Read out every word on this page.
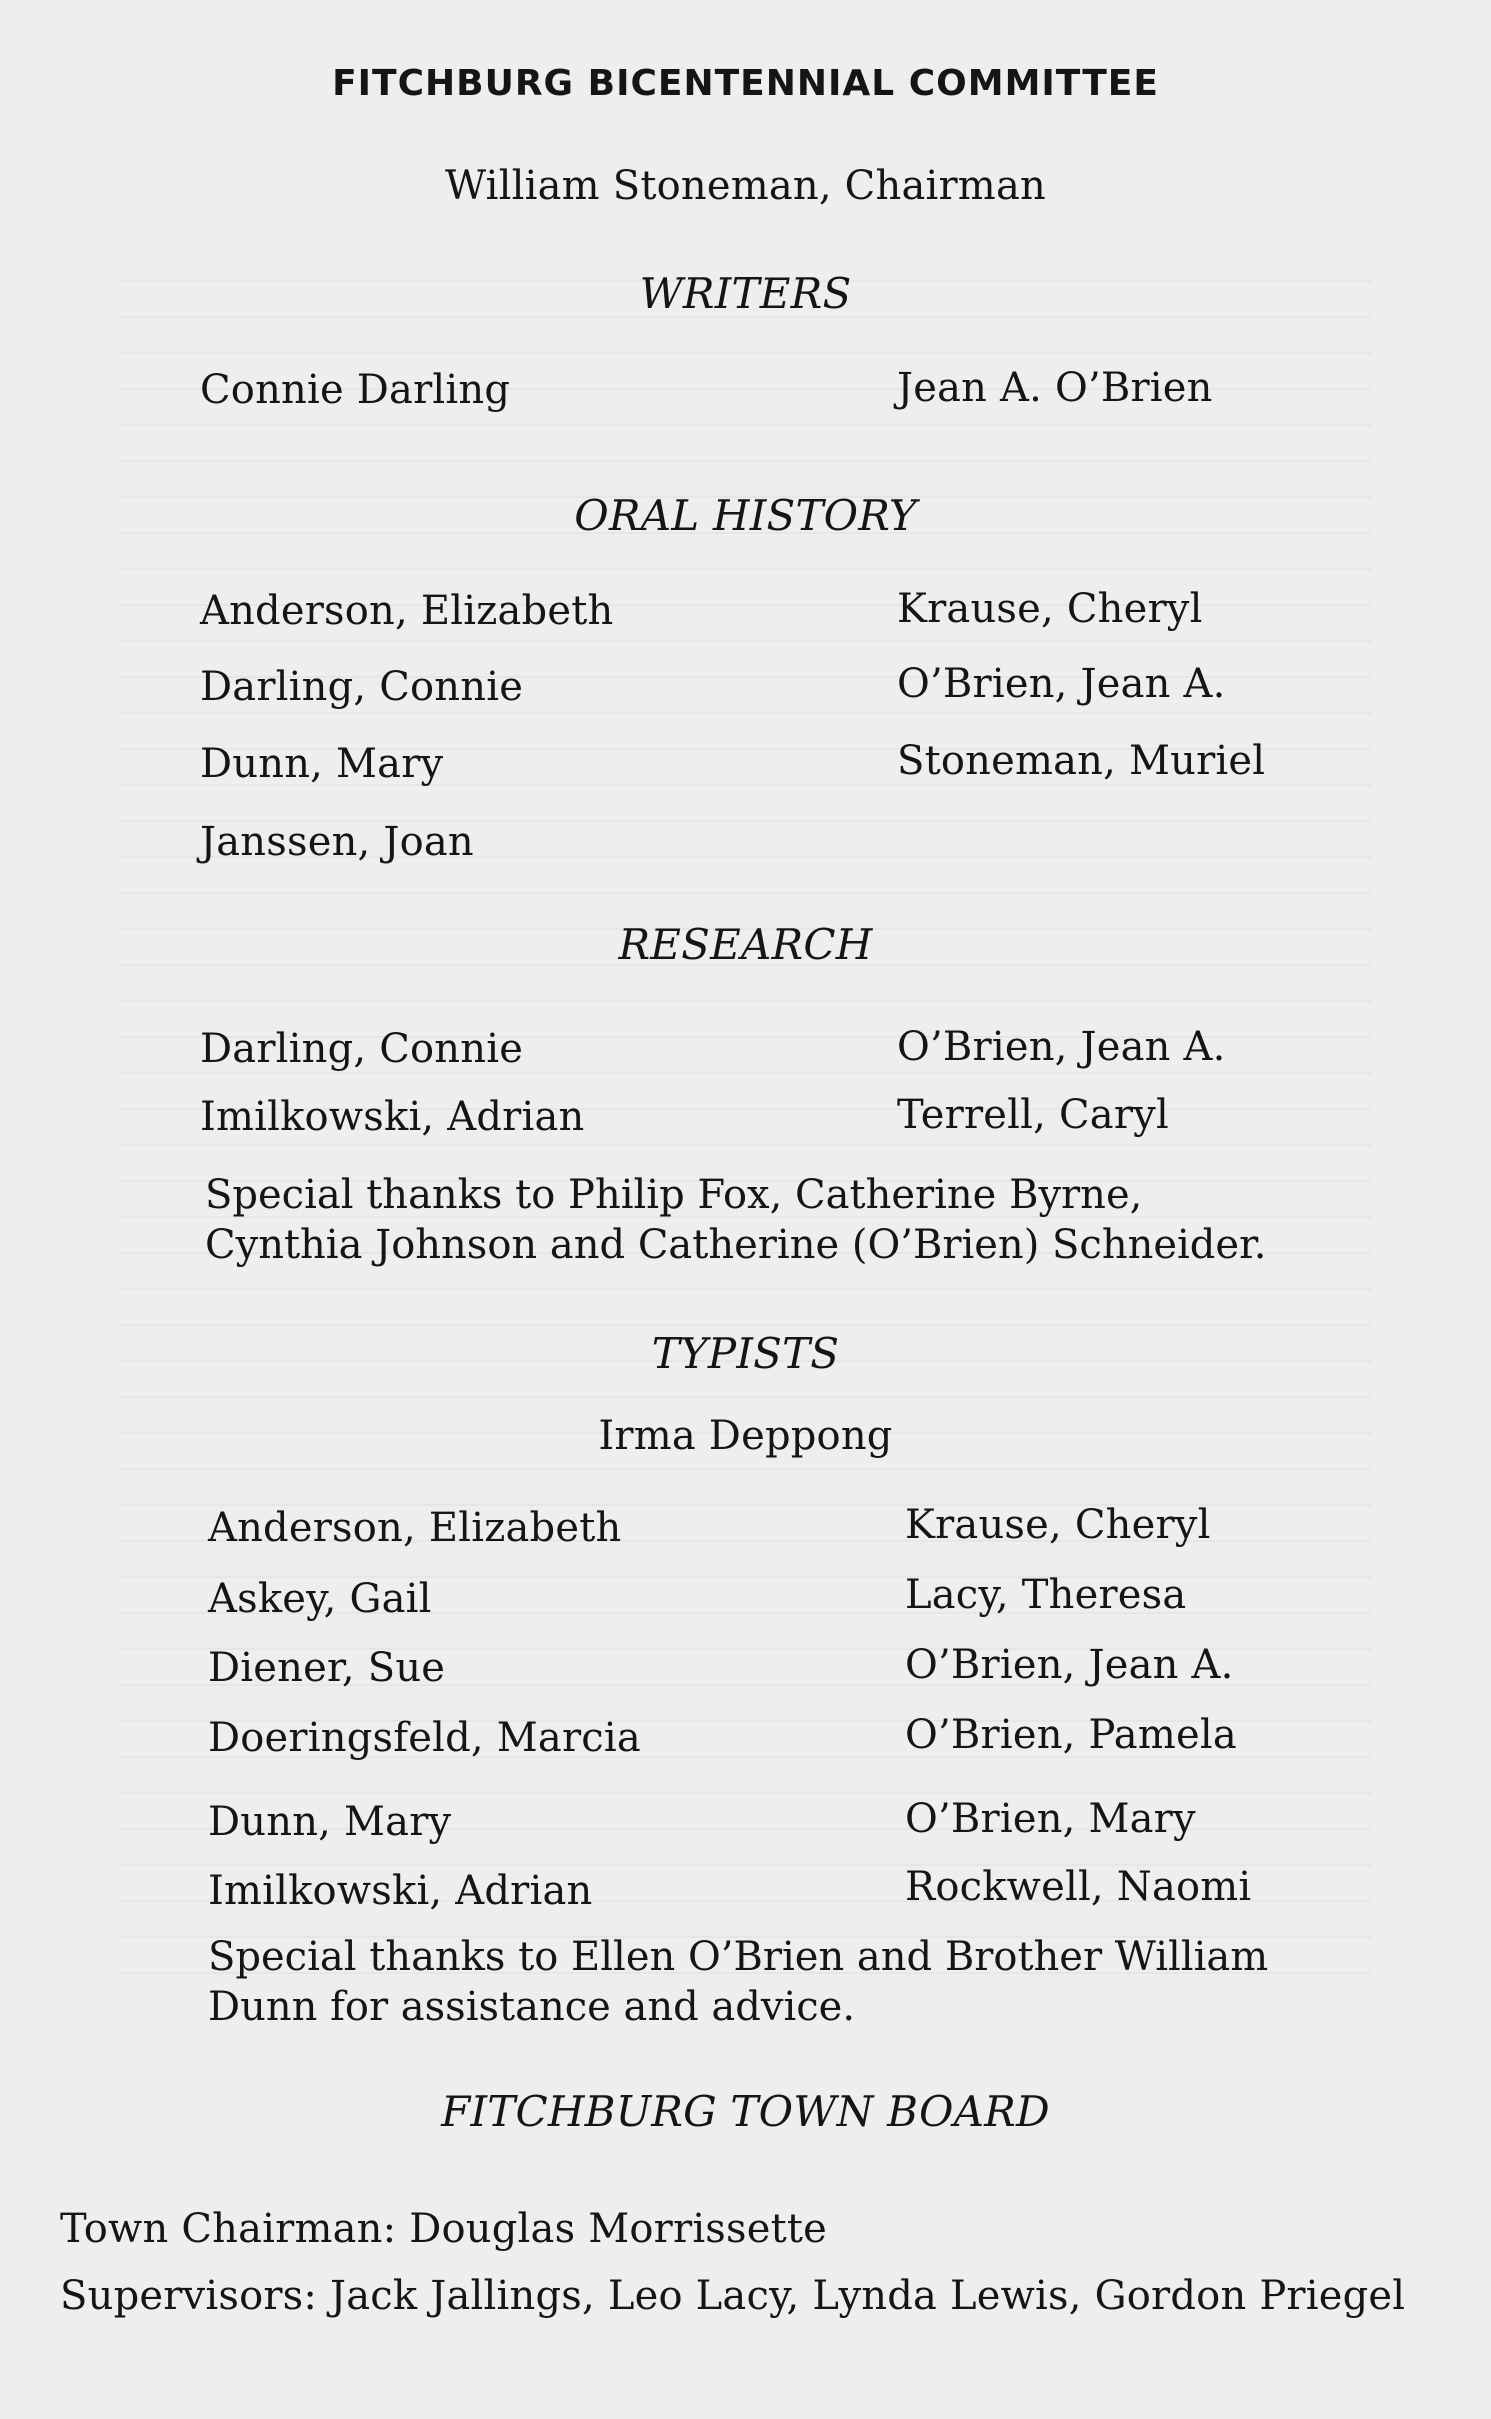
FITCHBURG BICENTENNIAL COMMITTEE
William Stoneman, Chairman
WRITERS
Connie Darling	Jean A. O’Brien
ORAL HISTORY
Anderson, Elizabeth
Darling, Connie
Dunn, Mary
Janssen, Joan
Krause, Cheryl
O’Brien, Jean A.
Stoneman, Muriel
RESEARCH
Darling, Connie
Imilkowski, Adrian
O’Brien, Jean A.
Terrell, Caryl
Special thanks to Philip Fox, Catherine Byrne,
Cynthia Johnson and Catherine (O’Brien) Schneider.
TYPISTS
Irma Deppong
Anderson, Elizabeth
Askey, Gail
Diener, Sue
Doeringsfeld, Marcia
Dunn, Mary
Imilkowski, Adrian
Krause, Cheryl
Lacy, Theresa
O’Brien, Jean A.
O’Brien, Pamela
O’Brien, Mary
Rockwell, Naomi
Special thanks to Ellen O’Brien and Brother William
Dunn for assistance and advice.
FITCHBURG TOWN BOARD
Town Chairman: Douglas Morrissette
Supervisors: Jack Jallings, Leo Lacy, Lynda Lewis, Gordon Priegel
